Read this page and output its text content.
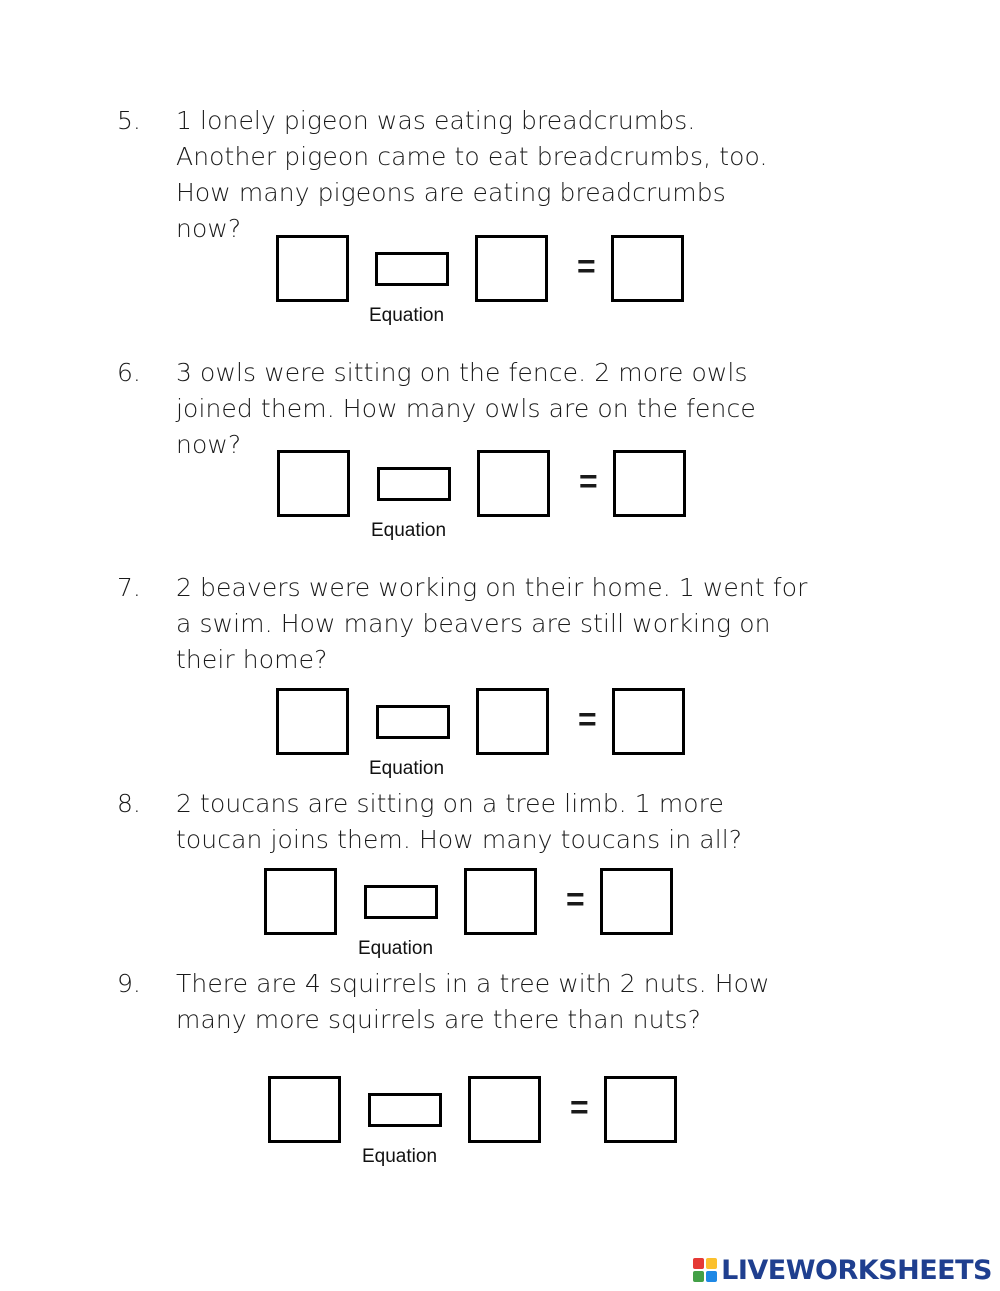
5. 1 lonely pigeon was eating breadcrumbs.
Another pigeon came to eat breadcrumbs, too.
How many pigeons are eating breadcrumbs
now?

=
Equation
6. 3 owls were sitting on the fence. 2 more owls
joined them. How many owls are on the fence
now?

=
Equation
7. 2 beavers were working on their home. 1 went for
a swim. How many beavers are still working on
their home?

=
Equation
8. 2 toucans are sitting on a tree limb. 1 more
toucan joins them. How many toucans in all?

=
Equation
9. There are 4 squirrels in a tree with 2 nuts. How
many more squirrels are there than nuts?

=
Equation
LIVEWORKSHEETS
